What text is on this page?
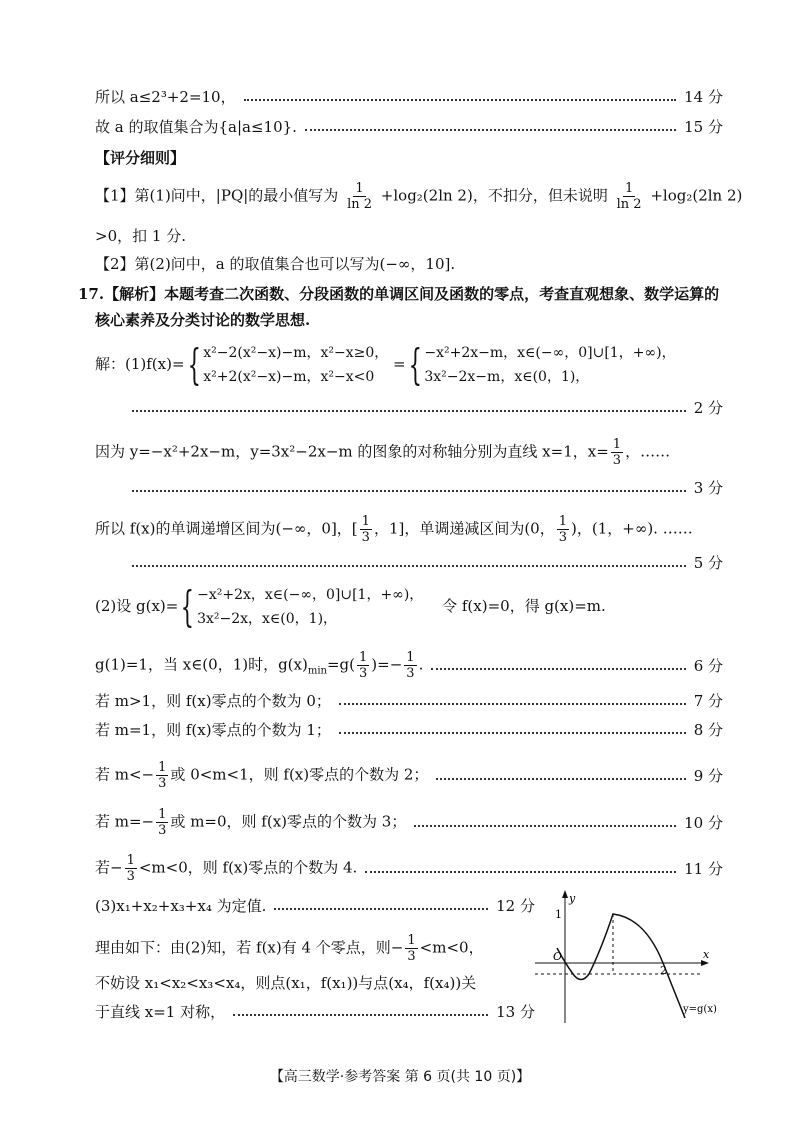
所以 a≤2³+2=10，	14 分
故 a 的取值集合为{a|a≤10}.	15 分
【评分细则】
【1】第(1)问中，|PQ|的最小值写为 $\frac{1}{\ln 2} +\log_2(2\ln$ 2)，不扣分，但未说明 $\frac{1}{\ln 2} +\log_2(2\ln$ 2)
>0，扣 1 分.
【2】第(2)问中，a 的取值集合也可以写为(−∞，10].
17.【解析】本题考查二次函数、分段函数的单调区间及函数的零点，考查直观想象、数学运算的
核心素养及分类讨论的数学思想.
解：(1)f(x)={ x²−2(x²−x)−m，x²−x≥0，
x²+2(x²−x)−m，x²−x<0
={ −x²+2x−m，x∈(−∞，0]∪[1，+∞)，
3x²−2x−m，x∈(0，1)，
2 分
因为 y=−x²+2x−m，y=3x²−2x−m 的图象的对称轴分别为直线 x=1，$x= \frac{1}{3}$ ，……
3 分
所以 f(x)的单调递增区间为(−∞，0]，[ $\frac{1}{3}$ ，1]，单调递减区间为(0， $\frac{1}{3}$ )，(1，+∞). ……
5 分
(2)设 g(x)={ −x²+2x，x∈(−∞，0]∪[1，+∞)，
3x²−2x，x∈(0，1)，
令 f(x)=0，得 g(x)=m.
g(1)=1，当 x∈(0，1)时，$g(x)_{min}=g( \frac{1}{3}$ )=− $\frac{1}{3}$ .	6 分
若 m>1，则 f(x)零点的个数为 0；	7 分
若 m=1，则 f(x)零点的个数为 1；	8 分
若 $m<- \frac{1}{3}$ 或 0<m<1，则 f(x)零点的个数为 2；	9 分
若 $m=- \frac{1}{3}$ 或 m=0，则 f(x)零点的个数为 3；	10 分
若− $\frac{1}{3} <m<0$，则 f(x)零点的个数为 4.	11 分
(3)x₁+x₂+x₃+x₄ 为定值.	12 分
理由如下：由(2)知，若 f(x)有 4 个零点，则− $\frac{1}{3} <m<0$，
不妨设 x₁<x₂<x₃<x₄，则点(x₁，f(x₁))与点(x₄，f(x₄))关
于直线 x=1 对称，	13 分
y
x
1
O
2
y=g(x)
【高三数学·参考答案 第 6 页(共 10 页)】
